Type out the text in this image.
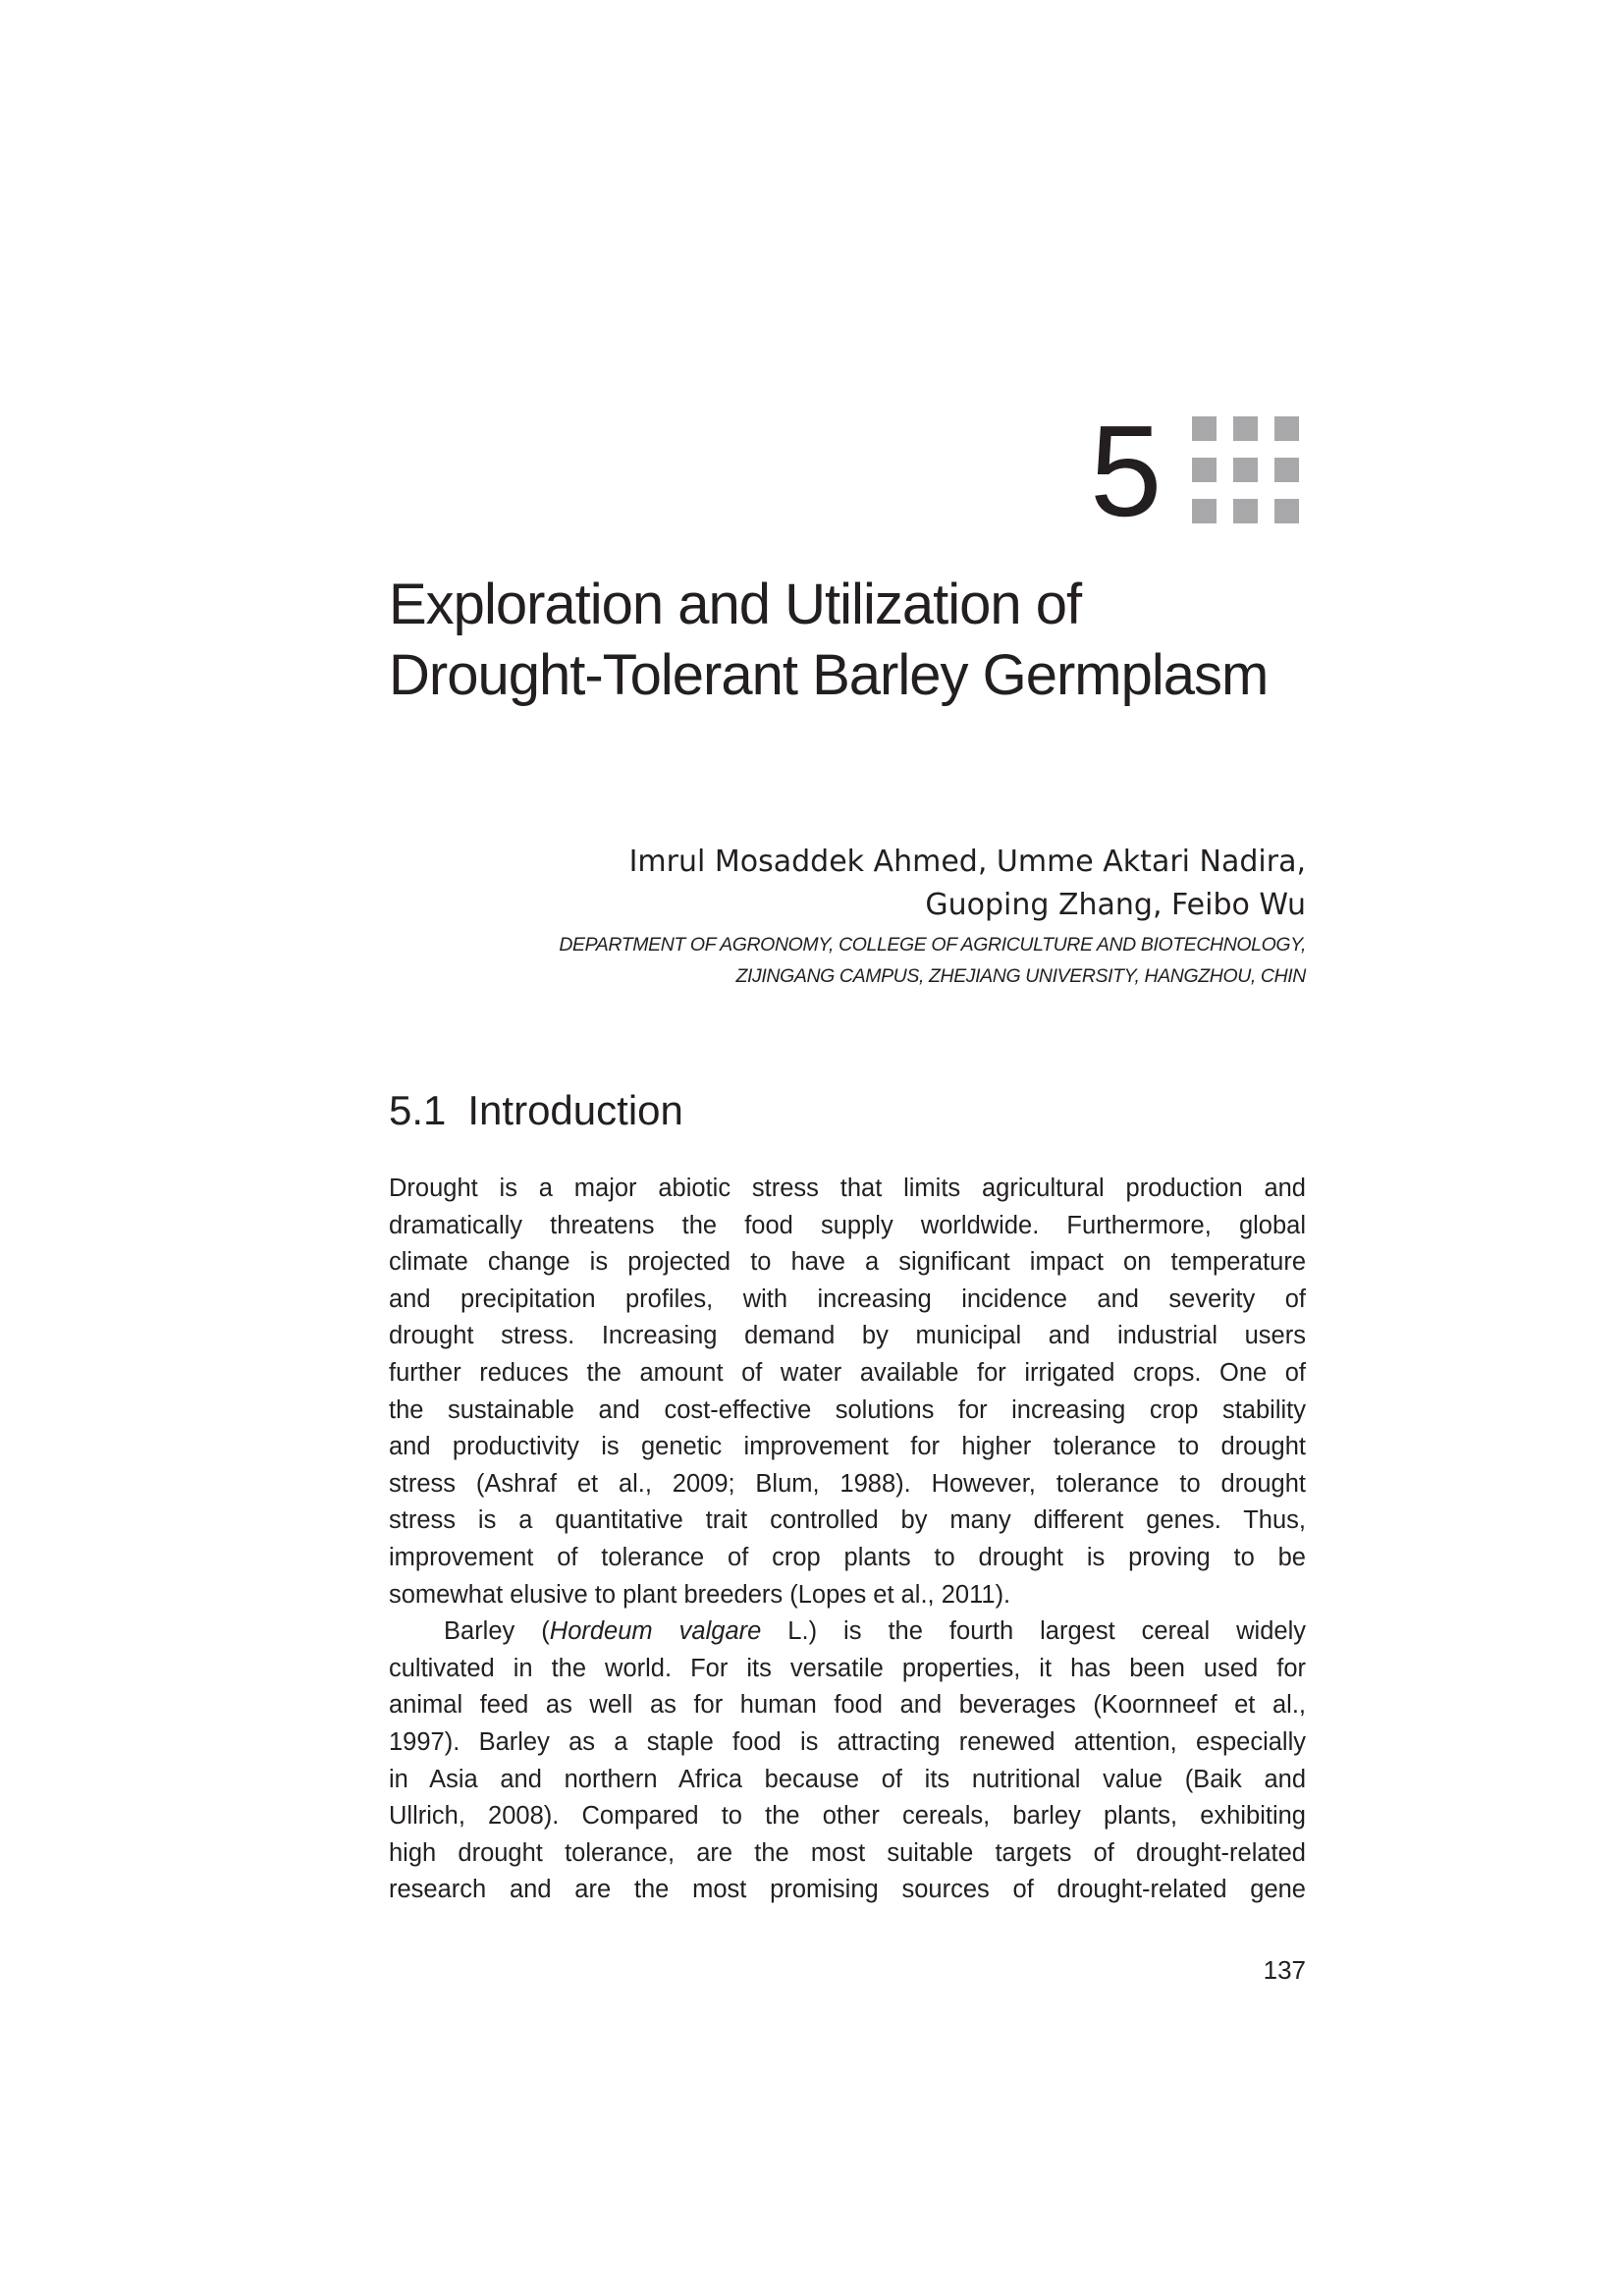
5
Exploration and Utilization of
Drought-Tolerant Barley Germplasm
Imrul Mosaddek Ahmed, Umme Aktari Nadira,
Guoping Zhang, Feibo Wu
DEPARTMENT OF AGRONOMY, COLLEGE OF AGRICULTURE AND BIOTECHNOLOGY,
ZIJINGANG CAMPUS, ZHEJIANG UNIVERSITY, HANGZHOU, CHIN
5.1 Introduction
Drought is a major abiotic stress that limits agricultural production and
dramatically threatens the food supply worldwide. Furthermore, global
climate change is projected to have a significant impact on temperature
and precipitation profiles, with increasing incidence and severity of
drought stress. Increasing demand by municipal and industrial users
further reduces the amount of water available for irrigated crops. One of
the sustainable and cost-effective solutions for increasing crop stability
and productivity is genetic improvement for higher tolerance to drought
stress (Ashraf et al., 2009; Blum, 1988). However, tolerance to drought
stress is a quantitative trait controlled by many different genes. Thus,
improvement of tolerance of crop plants to drought is proving to be
somewhat elusive to plant breeders (Lopes et al., 2011).
Barley (Hordeum valgare L.) is the fourth largest cereal widely
cultivated in the world. For its versatile properties, it has been used for
animal feed as well as for human food and beverages (Koornneef et al.,
1997). Barley as a staple food is attracting renewed attention, especially
in Asia and northern Africa because of its nutritional value (Baik and
Ullrich, 2008). Compared to the other cereals, barley plants, exhibiting
high drought tolerance, are the most suitable targets of drought-related
research and are the most promising sources of drought-related gene
137
